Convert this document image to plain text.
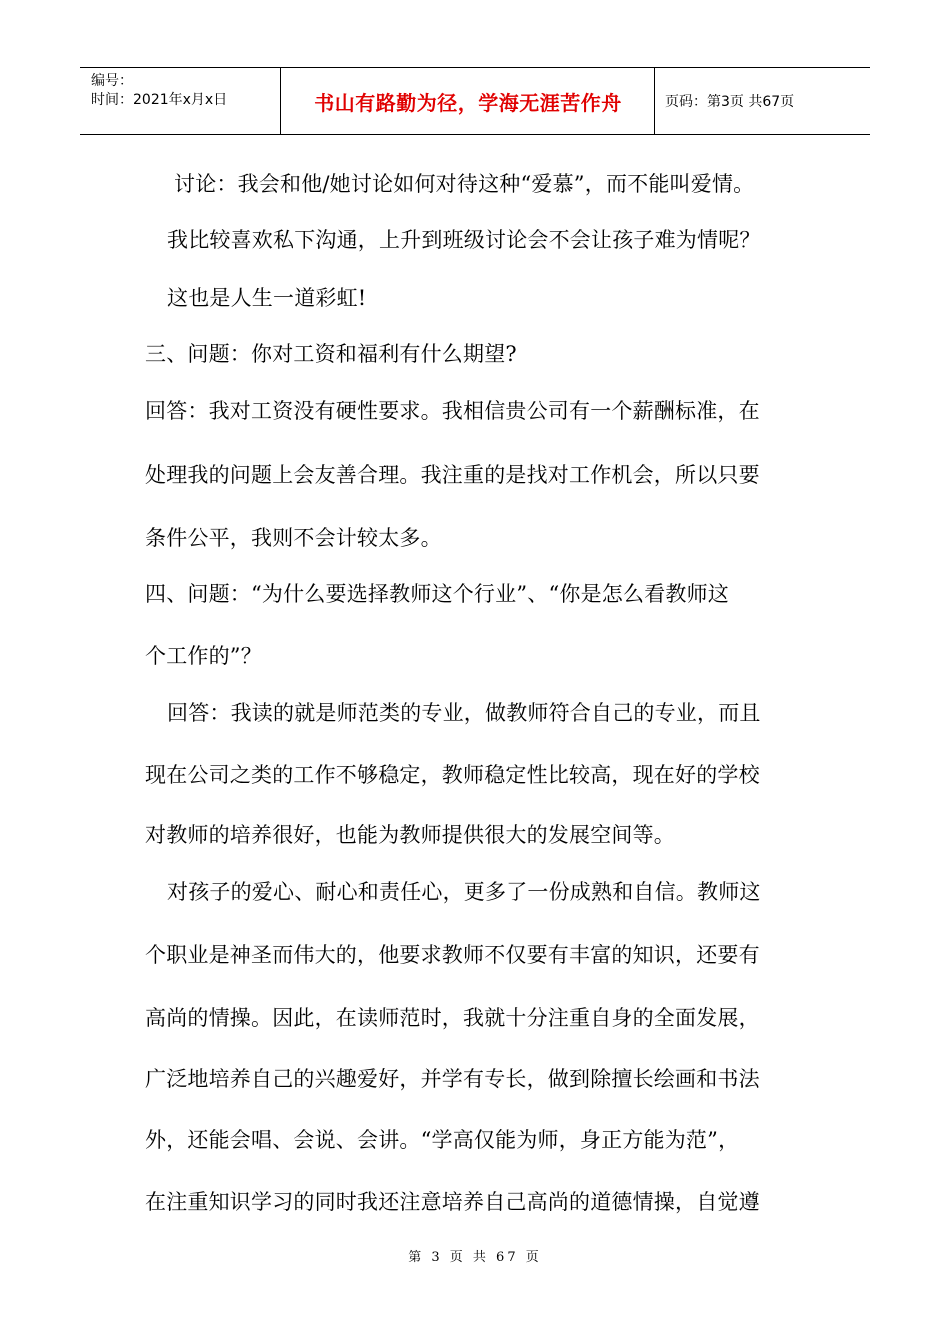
编号：
时间：2021年x月x日	书山有路勤为径，学海无涯苦作舟	页码：第3页 共67页
讨论：我会和他/她讨论如何对待这种“爱慕”，而不能叫爱情。
我比较喜欢私下沟通，上升到班级讨论会不会让孩子难为情呢？
这也是人生一道彩虹!
三、问题：你对工资和福利有什么期望?
回答：我对工资没有硬性要求。我相信贵公司有一个薪酬标准，在
处理我的问题上会友善合理。我注重的是找对工作机会，所以只要
条件公平，我则不会计较太多。
四、问题：“为什么要选择教师这个行业”、“你是怎么看教师这
个工作的”？
回答：我读的就是师范类的专业，做教师符合自己的专业，而且
现在公司之类的工作不够稳定，教师稳定性比较高，现在好的学校
对教师的培养很好，也能为教师提供很大的发展空间等。
对孩子的爱心、耐心和责任心，更多了一份成熟和自信。教师这
个职业是神圣而伟大的，他要求教师不仅要有丰富的知识，还要有
高尚的情操。因此，在读师范时，我就十分注重自身的全面发展，
广泛地培养自己的兴趣爱好，并学有专长，做到除擅长绘画和书法
外，还能会唱、会说、会讲。“学高仅能为师，身正方能为范”，
在注重知识学习的同时我还注意培养自己高尚的道德情操，自觉遵
第 3 页 共 67 页
